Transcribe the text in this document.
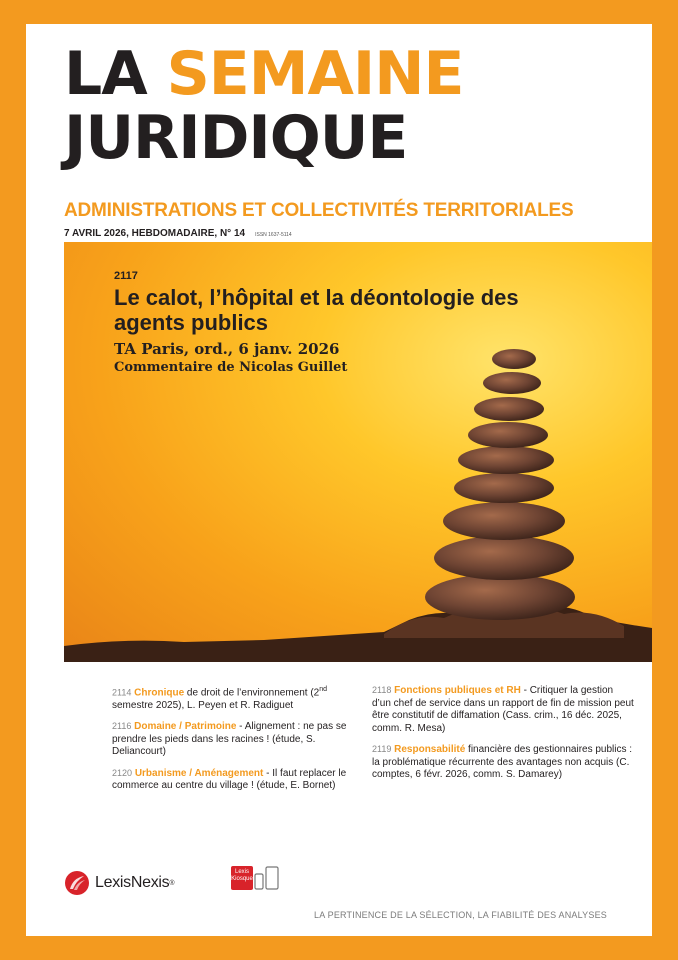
LA SEMAINE
JURIDIQUE
ADMINISTRATIONS ET COLLECTIVITÉS TERRITORIALES
7 AVRIL 2026, HEBDOMADAIRE, N° 14 ISSN 1637-5114
2117
Le calot, l’hôpital et la déontologie des agents publics
TA Paris, ord., 6 janv. 2026
Commentaire de Nicolas Guillet
2114 Chronique de droit de l’environnement (2nd semestre 2025), L. Peyen et R. Radiguet
2116 Domaine / Patrimoine - Alignement : ne pas se prendre les pieds dans les racines ! (étude, S. Deliancourt)
2120 Urbanisme / Aménagement - Il faut replacer le commerce au centre du village ! (étude, E. Bornet)
2118 Fonctions publiques et RH - Critiquer la gestion d’un chef de service dans un rapport de fin de mission peut être constitutif de diffamation (Cass. crim., 16 déc. 2025, comm. R. Mesa)
2119 Responsabilité financière des gestionnaires publics : la problématique récurrente des avantages non acquis (C. comptes, 6 févr. 2026, comm. S. Damarey)
LexisNexis ®
Lexis
Kiosque
LA PERTINENCE DE LA SÉLECTION, LA FIABILITÉ DES ANALYSES
